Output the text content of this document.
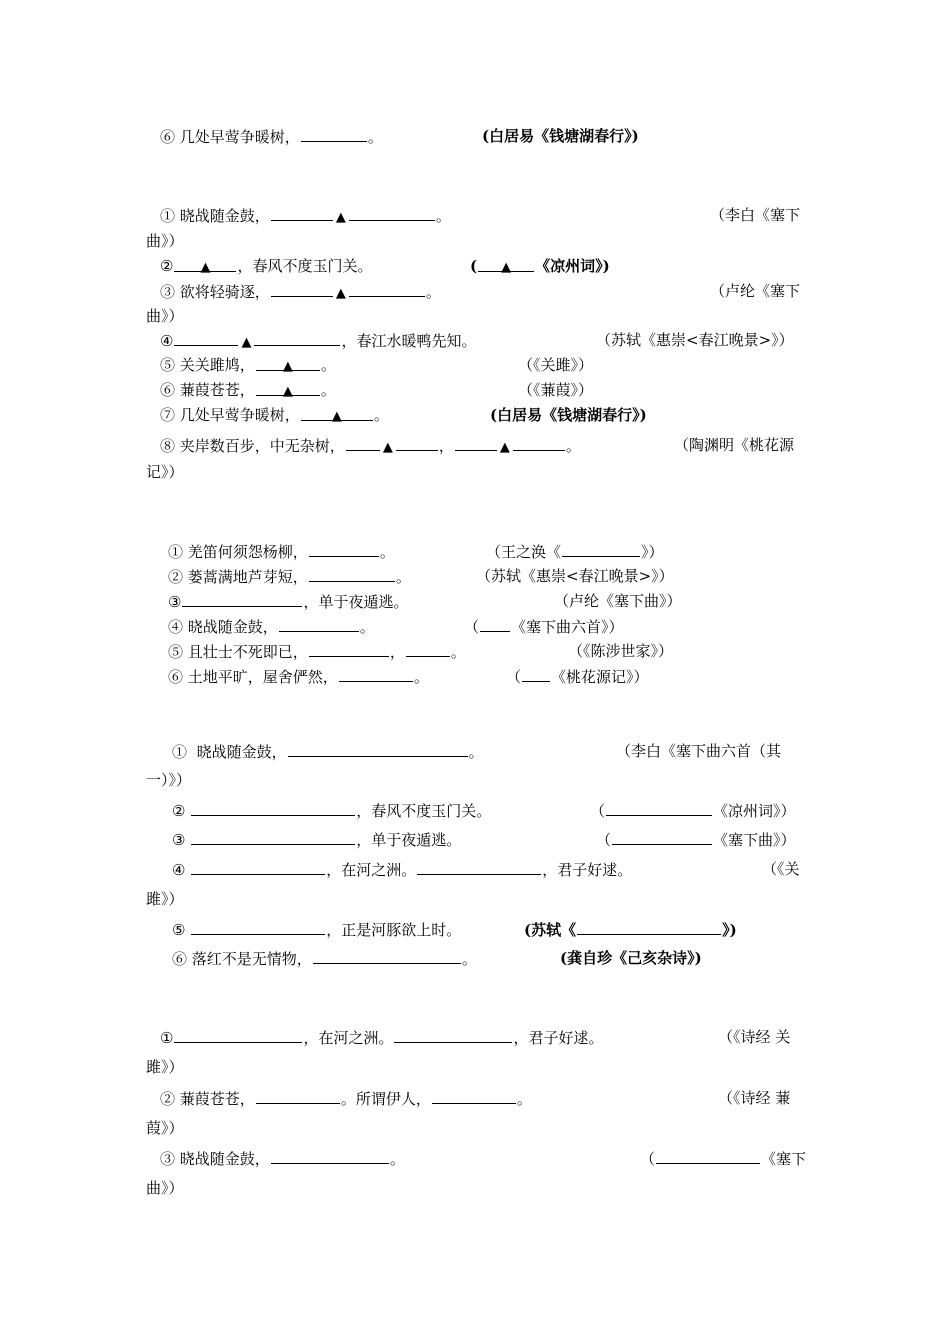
⑥ 几处早莺争暖树，	。	(白居易《钱塘湖春行》)
① 晓战随金鼓，	▲	。	（李白《塞下
曲》）
② ▲ ，春风不度玉门关。	( ▲ 《凉州词》)
③ 欲将轻骑逐，	▲	。	（卢纶《塞下
曲》）
④	▲	，春江水暖鸭先知。	（苏轼《惠崇<春江晚景>》）
⑤ 关关雎鸠， ▲ 。	（《关雎》）
⑥ 蒹葭苍苍， ▲ 。	（《蒹葭》）
⑦ 几处早莺争暖树， ▲ 。	(白居易《钱塘湖春行》)
⑧ 夹岸数百步，中无杂树，	▲	，	▲	。	（陶渊明《桃花源
记》）
① 羌笛何须怨杨柳，	。	（王之涣《	》）
② 蒌蒿满地芦芽短，	。	（苏轼《惠崇<春江晚景>》）
③	，单于夜遁逃。	（卢纶《塞下曲》）
④ 晓战随金鼓，	。	（ 《塞下曲六首》）
⑤ 且壮士不死即已，	，	。	（《陈涉世家》）
⑥ 土地平旷，屋舍俨然，	。	（ 《桃花源记》）
① 晓战随金鼓，	。	（李白《塞下曲六首（其
一）》）
②	，春风不度玉门关。	（	《凉州词》）
③	，单于夜遁逃。	（	《塞下曲》）
④	，在河之洲。	，君子好逑。	（《关
雎》）
⑤	，正是河豚欲上时。	(苏轼《	》)
⑥ 落红不是无情物，	。	(龚自珍《己亥杂诗》)
①	，在河之洲。	，君子好逑。	（《诗经 关
雎》）
② 蒹葭苍苍，	。所谓伊人，	。	（《诗经 蒹
葭》）
③ 晓战随金鼓，	。	（	《塞下
曲》）
